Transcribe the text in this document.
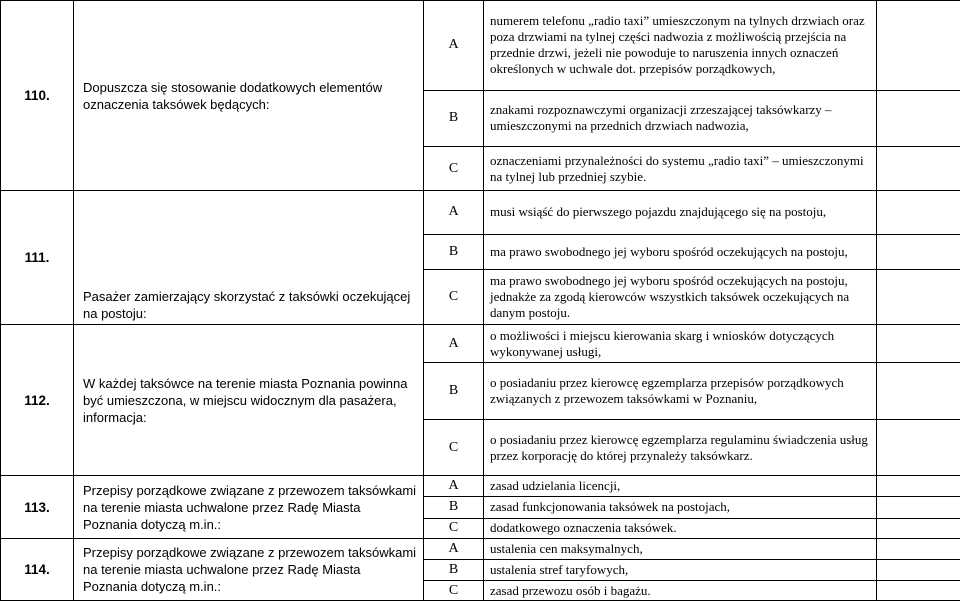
110.	Dopuszcza się stosowanie dodatkowych elementów oznaczenia taksówek będących:	A	numerem telefonu „radio taxi” umieszczonym na tylnych drzwiach oraz poza drzwiami na tylnej części nadwozia z możliwością przejścia na przednie drzwi, jeżeli nie powoduje to naruszenia innych oznaczeń określonych w uchwale dot. przepisów porządkowych,	
		B	znakami rozpoznawczymi organizacji zrzeszającej taksówkarzy – umieszczonymi na przednich drzwiach nadwozia,	
		C	oznaczeniami przynależności do systemu „radio taxi” – umieszczonymi na tylnej lub przedniej szybie.	
111.	Pasażer zamierzający skorzystać z taksówki oczekującej na postoju:	A	musi wsiąść do pierwszego pojazdu znajdującego się na postoju,	
		B	ma prawo swobodnego jej wyboru spośród oczekujących na postoju,	
		C	ma prawo swobodnego jej wyboru spośród oczekujących na postoju, jednakże za zgodą kierowców wszystkich taksówek oczekujących na danym postoju.	
112.	W każdej taksówce na terenie miasta Poznania powinna być umieszczona, w miejscu widocznym dla pasażera, informacja:	A	o możliwości i miejscu kierowania skarg i wniosków dotyczących wykonywanej usługi,	
		B	o posiadaniu przez kierowcę egzemplarza przepisów porządkowych związanych z przewozem taksówkami w Poznaniu,	
		C	o posiadaniu przez kierowcę egzemplarza regulaminu świadczenia usług przez korporację do której przynależy taksówkarz.	
113.	Przepisy porządkowe związane z przewozem taksówkami na terenie miasta uchwalone przez Radę Miasta Poznania dotyczą m.in.:	A	zasad udzielania licencji,	
		B	zasad funkcjonowania taksówek na postojach,	
		C	dodatkowego oznaczenia taksówek.	
114.	Przepisy porządkowe związane z przewozem taksówkami na terenie miasta uchwalone przez Radę Miasta Poznania dotyczą m.in.:	A	ustalenia cen maksymalnych,	
		B	ustalenia stref taryfowych,	
		C	zasad przewozu osób i bagażu.	
